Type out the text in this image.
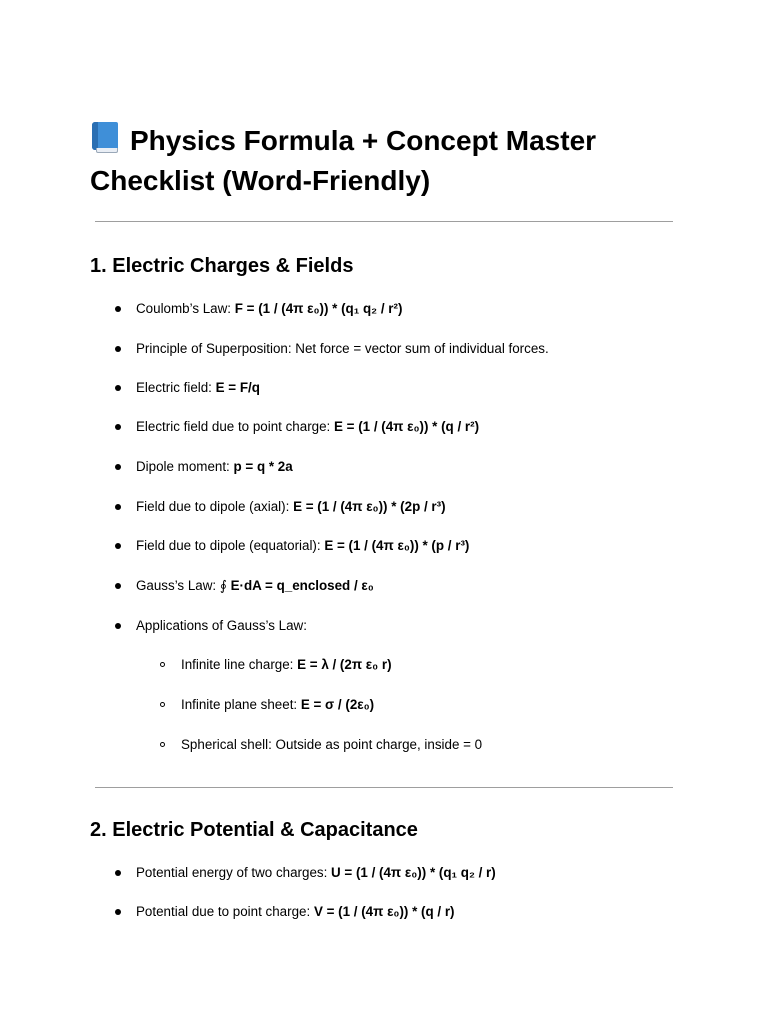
Physics Formula + Concept Master Checklist (Word-Friendly)
1. Electric Charges & Fields
Coulomb’s Law: F = (1 / (4π ε₀)) * (q₁ q₂ / r²)
Principle of Superposition: Net force = vector sum of individual forces.
Electric field: E = F/q
Electric field due to point charge: E = (1 / (4π ε₀)) * (q / r²)
Dipole moment: p = q * 2a
Field due to dipole (axial): E = (1 / (4π ε₀)) * (2p / r³)
Field due to dipole (equatorial): E = (1 / (4π ε₀)) * (p / r³)
Gauss’s Law: ∮ E·dA = q_enclosed / ε₀
Applications of Gauss’s Law:
Infinite line charge: E = λ / (2π ε₀ r)
Infinite plane sheet: E = σ / (2ε₀)
Spherical shell: Outside as point charge, inside = 0
2. Electric Potential & Capacitance
Potential energy of two charges: U = (1 / (4π ε₀)) * (q₁ q₂ / r)
Potential due to point charge: V = (1 / (4π ε₀)) * (q / r)
